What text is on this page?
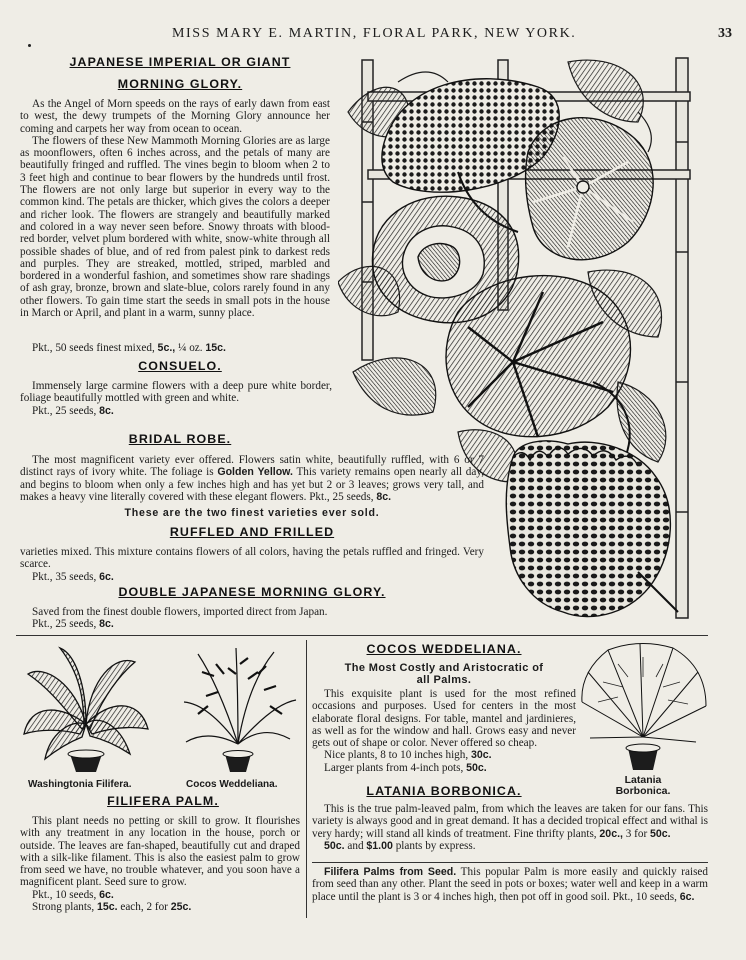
MISS MARY E. MARTIN, FLORAL PARK, NEW YORK.	33
JAPANESE IMPERIAL OR GIANT
MORNING GLORY.

As the Angel of Morn speeds on the rays of early dawn from east to west, the dewy trumpets of the Morning Glory announce her coming and carpets her way from ocean to ocean.

The flowers of these New Mammoth Morning Glories are as large as moonflowers, often 6 inches across, and the petals of many are beautifully fringed and ruffled. The vines begin to bloom when 2 to 3 feet high and continue to bear flowers by the hundreds until frost. The flowers are not only large but superior in every way to the common kind. The petals are thicker, which gives the colors a deeper and richer look. The flowers are strangely and beautifully marked and colored in a way never seen before. Snowy throats with blood-red border, velvet plum bordered with white, snow-white through all possible shades of blue, and of red from palest pink to darkest reds and purples. They are streaked, mottled, striped, marbled and bordered in a wonderful fashion, and sometimes show rare shadings of ash gray, bronze, brown and slate-blue, colors rarely found in any other flowers. To gain time start the seeds in small pots in the house in March or April, and plant in a warm, sunny place.

Pkt., 50 seeds finest mixed, 5c., ¼ oz. 15c.
CONSUELO.

Immensely large carmine flowers with a deep pure white border, foliage beautifully mottled with green and white.

Pkt., 25 seeds, 8c.

BRIDAL ROBE.

The most magnificent variety ever offered. Flowers satin white, beautifully ruffled, with 6 or 7 distinct rays of ivory white. The foliage is Golden Yellow. This variety remains open nearly all day, and begins to bloom when only a few inches high and has yet but 2 or 3 leaves; grows very tall, and makes a heavy vine literally covered with these elegant flowers. Pkt., 25 seeds, 8c.

These are the two finest varieties ever sold.
RUFFLED AND FRILLED

varieties mixed. This mixture contains flowers of all colors, having the petals ruffled and fringed. Very scarce.

Pkt., 35 seeds, 6c.

DOUBLE JAPANESE MORNING GLORY.

Saved from the finest double flowers, imported direct from Japan.

Pkt., 25 seeds, 8c.

Washingtonia Filifera.	Cocos Weddeliana.	Latania
Borbonica.
FILIFERA PALM.

This plant needs no petting or skill to grow. It flourishes with any treatment in any location in the house, porch or outside. The leaves are fan-shaped, beautifully cut and draped with a silk-like filament. This is also the easiest palm to grow from seed we have, no trouble whatever, and you soon have a magnificent plant. Seed sure to grow.

Pkt., 10 seeds, 6c.

Strong plants, 15c. each, 2 for 25c.

COCOS WEDDELIANA.
The Most Costly and Aristocratic of
all Palms.

This exquisite plant is used for the most refined occasions and purposes. Used for centers in the most elaborate floral designs. For table, mantel and jardinieres, as well as for the window and hall. Grows easy and never gets out of shape or color. Never offered so cheap.

Nice plants, 8 to 10 inches high, 30c.

Larger plants from 4-inch pots, 50c.

LATANIA BORBONICA.

This is the true palm-leaved palm, from which the leaves are taken for our fans. This variety is always good and in great demand. It has a decided tropical effect and withal is very hardy; will stand all kinds of treatment. Fine thrifty plants, 20c., 3 for 50c.

50c. and $1.00 plants by express.

Filifera Palms from Seed. This popular Palm is more easily and quickly raised from seed than any other. Plant the seed in pots or boxes; water well and keep in a warm place until the plant is 3 or 4 inches high, then pot off in good soil. Pkt., 10 seeds, 6c.
